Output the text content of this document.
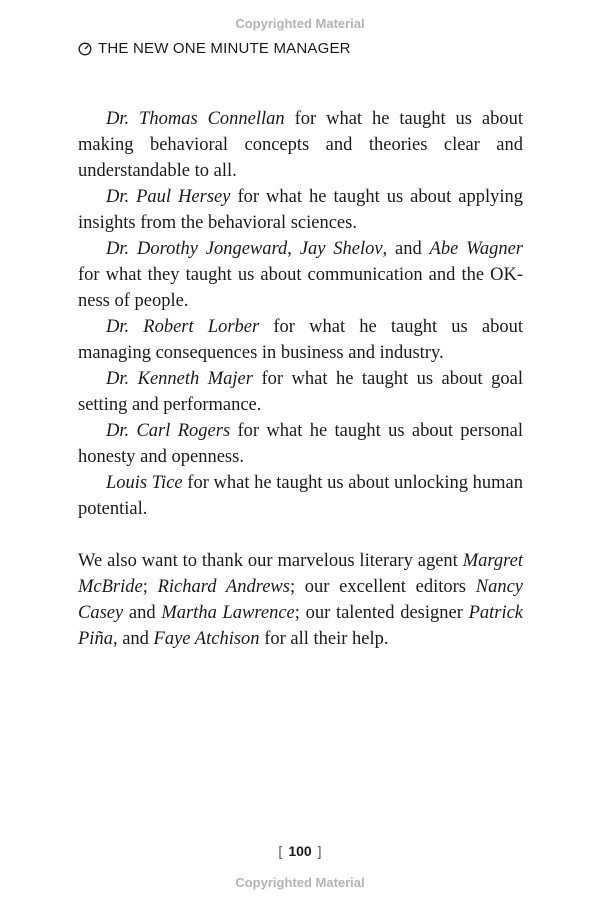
Copyrighted Material
THE NEW ONE MINUTE MANAGER

Dr. Thomas Connellan for what he taught us about making behavioral concepts and theories clear and understandable to all.

Dr. Paul Hersey for what he taught us about applying insights from the behavioral sciences.

Dr. Dorothy Jongeward, Jay Shelov, and Abe Wagner for what they taught us about communication and the OK-ness of people.

Dr. Robert Lorber for what he taught us about managing consequences in business and industry.

Dr. Kenneth Majer for what he taught us about goal setting and performance.

Dr. Carl Rogers for what he taught us about personal honesty and openness.

Louis Tice for what he taught us about unlocking human potential.

We also want to thank our marvelous literary agent Margret McBride; Richard Andrews; our excellent editors Nancy Casey and Martha Lawrence; our talented designer Patrick Piña, and Faye Atchison for all their help.

[ 100 ]
Copyrighted Material
